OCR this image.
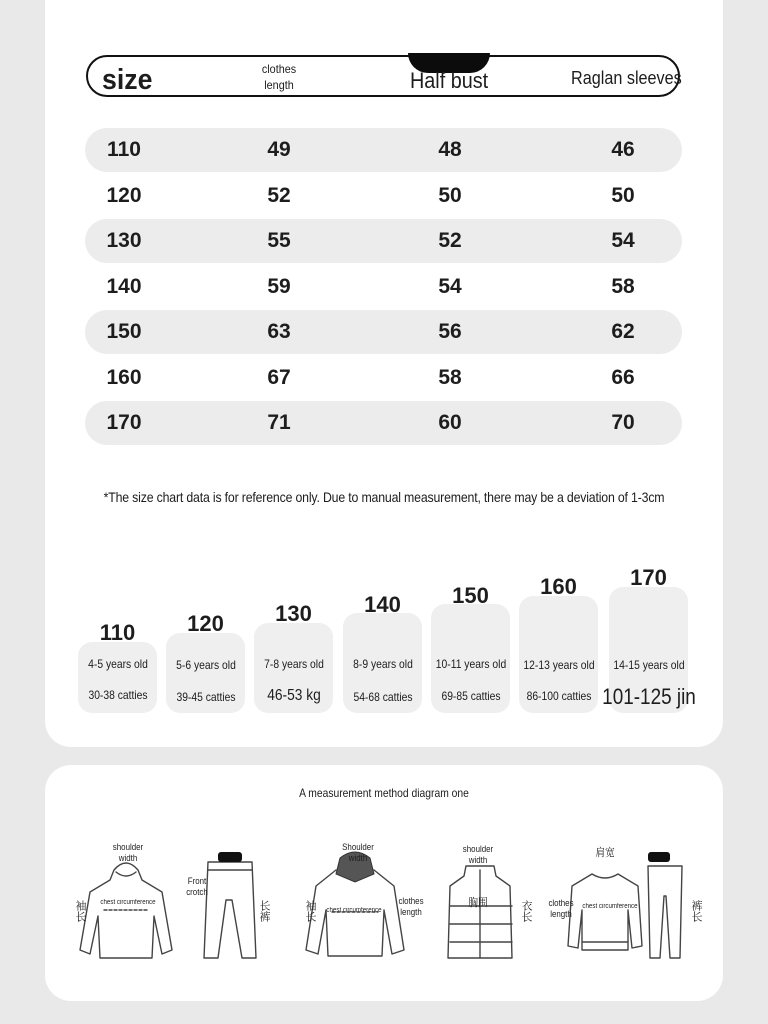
size	clothes length	Half bust	Raglan sleeves
110	49	48	46
120	52	50	50
130	55	52	54
140	59	54	58
150	63	56	62
160	67	58	66
170	71	60	70
*The size chart data is for reference only. Due to manual measurement, there may be a deviation of 1-3cm
110
4-5 years old
30-38 catties
120
5-6 years old
39-45 catties
130
7-8 years old
46-53 kg
140
8-9 years old
54-68 catties
150
10-11 years old
69-85 catties
160
12-13 years old
86-100 catties
170
14-15 years old
101-125 jin
A measurement method diagram one
shoulder width
chest circumference
袖长
Front crotch
长裤
Shoulder width
chest circumference
袖长	clothes length
shoulder width
胸围	衣长
肩宽
clothes length
chest circumference	裤长
